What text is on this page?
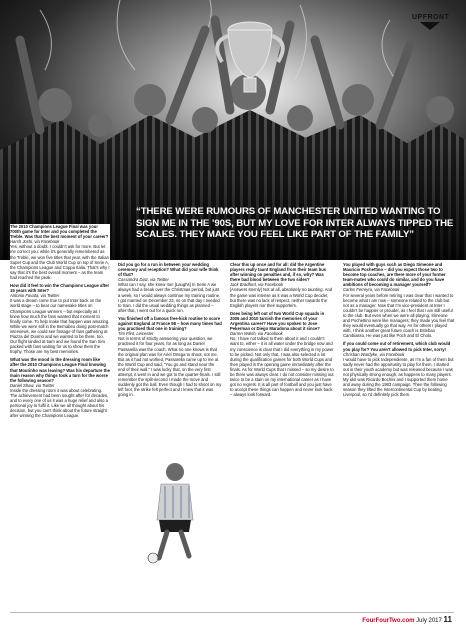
UPFRONT
“THERE WERE RUMOURS OF MANCHESTER UNITED WANTING TO SIGN ME IN THE ’90S, BUT MY LOVE FOR INTER ALWAYS TIPPED THE SCALES. THEY MAKE YOU FEEL LIKE PART OF THE FAMILY”

The 2010 Champions League Final was your 700th game for Inter and you completed the Treble. Was that the best moment of your career?
Harsh Joshi, via Facebook
Yes, without a doubt. I couldn’t ask for more. But let me correct you: while it’s generally remembered as the Treble, we won five titles that year, with the Italian Super Cup and the Club World Cup on top of Serie A, the Champions League and Coppa Italia. That’s why I say that it’s the best overall moment – as the team had reached the peak.

How did it feel to win the Champions League after 15 years with Inter?
Antonio Favata, via Twitter
It was a dream come true to put Inter back on the world stage – to bear our namesake titles on Champions League winners – but especially as I knew how much the fans wanted that moment to finally come. To help make that happen was amazing. While we were still in the Bernabeu doing post-match interviews, we could see footage of fans gathering at Piazza del Duomo and we wanted to be there, too. Our flight landed at 5am and we found the San Siro packed with fans waiting for us to show them the trophy. Those are my best memories.

What was the mood in the dressing room like after the 2010 Champions League Final knowing that Mourinho was leaving? Was his departure the main reason why things took a turn for the worse the following season?
Daniel Shaw, via Twitter
Inside the dressing room it was about celebrating. The achievement had been sought after for decades, and to every one of us it was a huge relief and also a personal joy to fulfil it. Like we all thought about his decision, but you can’t think about the future straight after winning the Champions League.

Did you go for a run in between your wedding ceremony and reception? What did your wife think of that?
Cassandra Diaz, via Twitter
What can I say, she knew me! [Laughs] In Serie A we always had a break over the Christmas period, but just a week, so I would always continue my training routine. I got married on December 23, so on that day I needed to train. I did the usual wedding things as planned – after that, I went out for a quick run.

You finished off a famous free-kick routine to score against England at France 98 – how many times had you practised that one in training?
Tim Flint, Leicester
Not in terms of strictly answering your question, we practised it for four years, for as long as Daniel Passarella was the coach. What no one knows is that the original plan was for Ariel Ortega to shoot, not me. But as it had not worked, Passarella came up to me at the World Cup and said, “You go and stand near the end of their wall.” I was lucky that, on the very first attempt, it went in and we got to the quarter-finals. I still remember the split-second I made the move and suddenly got the ball. Even though I had to shoot on my left foot, the strike felt perfect and I knew that it was going in.

Clear this up once and for all: did the Argentine players really taunt England from their team bus after winning on penalties and, if so, why? Was there bad blood between the two sides?
Jack Bradford, via Facebook
[Answers sternly] Not at all, absolutely no taunting. And the game was intense as it was a World Cup decider, but there was no lack of respect, neither towards the English players nor their supporters.

Does being left out of two World Cup squads in 2006 and 2010 tarnish the memories of your Argentina career? Have you spoken to Jose Pekerman or Diego Maradona about it since?
Darren Walsh, via Facebook
No, I have not talked to them about it and I couldn’t want to, either – it is all water under the bridge now and my conscience is clear that I did everything in my power to be picked. Not only that, I was also selected a lot during the qualification games for both World Cups and then played in the opening game immediately after the finals. As for World Cups that I missed – so my desire to be there was always clear. I do not consider missing out twice to be a stain on my international career as I have got no regrets. It is all part of football and you just have to accept these things can happen and never look back – always look forward.

You played with guys such as Diego Simeone and Mauricio Pochettino – did you expect those two to become top coaches, are there more of your former team-mates who could do similar, and do you have ambitions of becoming a manager yourself?
Carlos Ferreyra, via Facebook
For several years before retiring I was clear that I wanted to become what I am now – someone related to the club but not as a manager. Now that I’m vice-president at Inter I couldn’t be happier or prouder, as I feel that I am still useful to the club. But even when we were all playing, Simeone and Pochettino were like managers; they made you feel that they would eventually go that way. As for others I played with, I think another great future coach is Esteban Cambiasso. He was just like Poch and El Cholo.

If you could come out of retirement, which club would you play for? You aren’t allowed to pick Inter, sorry!
Christian Wardyke, via Facebook
I would have to pick Independiente, as I’m a fan of them but sadly never had the opportunity to play for them. I started out in their youth academy but was released because I was not physically strong enough, as happens to many players. My idol was Ricardo Bochini and I supported them home and away during the 1983 campaign. Then the following season they lifted the Intercontinental Cup by beating Liverpool, so I’d definitely pick them.

FourFourTwo.com July 2017 11
